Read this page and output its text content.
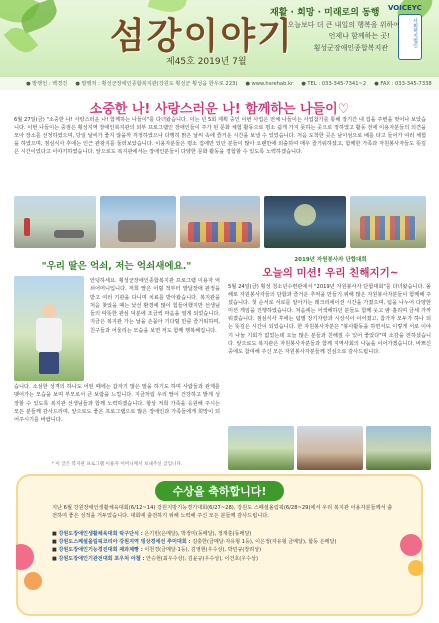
섬강이야기
제45호 2019년 7월
재활 · 희망 · 미래로의 동행 VOICEYC
사회복지법인
오늘보다 더 큰 내일의 행복을 위하여
언제나 함께하는 곳!
횡성군장애인종합복지관
● 발행인 : 백경진 ● 발행처 : 횡성군장애인종합복지관(강원도 횡성군 횡성읍 한우로 223) ● www.hsrehab.kr ● TEL : 033-345-7341~2 ● FAX : 033-345-7338
소중한 나! 사랑스러운 나! 함께하는 나들이♡
6월 27일(금) "소중한 나! 사랑스러운 나! 함께하는 나들이"를 다녀왔습니다. 이는 년 5회 계획 중인 이번 사업은 전체 나들이는 사업참가를 통해 장기간 내 집을 주변을 벗어나 보았습니다. 이번 나들이는 중점은 횡성지역 장애인복지관의 외부 프로그램인 장애인들이 주가 된 문화 체험 활동으로 평소 쉽게 가지 못하는 곳으로 정하였고 활동 전에 이용자분들의 의견을 모아 장소를 선정하였으며, 당일 날씨가 좋지 않을까 걱정하였으나 다행히 맑은 날씨 속에 즐거운 시간을 보낼 수 있었습니다. 처음 도착한 곳은 남이섬으로 배를 타고 들어가 여러 체험을 하였으며, 점심식사 후에는 인근 관광지를 둘러보았습니다. 이용자분들은 평소 집에만 있던 분들이 많아 오랜만에 외출하여 매우 즐거워하셨고, 함께한 가족과 자원봉사자들도 뜻깊은 시간이었다고 이야기하였습니다. 앞으로도 복지관에서는 장애인분들이 다양한 문화 활동을 경험할 수 있도록 노력하겠습니다.
"우리 딸은 억쇠, 저는 억쇠새에요."
안녕하세요. 횡성군장애인종합복지관 프로그램 이용자 억쇠어머니입니다. 저희 딸은 어릴 적부터 발달장애 판정을 받고 여러 기관을 다니며 치료를 받아왔습니다. 복지관을 처음 찾았을 때는 낯선 환경에 많이 힘들어했지만 선생님들의 따뜻한 관심 덕분에 조금씩 마음을 열게 되었습니다. 지금은 복지관 가는 날을 손꼽아 기다릴 만큼 즐거워하며, 친구들과 어울리는 모습을 보면 저도 함께 행복해집니다.
습니다. 소심한 성격의 하나도 어떤 때에는 갑자기 많은 말을 하기도 하며 사람들과 관계를 맺어가는 모습을 보며 부모로서 큰 보람을 느낍니다. 지금처럼 우리 딸이 건강하고 밝게 성장할 수 있도록 복지관 선생님들과 함께 노력하겠습니다. 항상 저희 가족을 응원해 주시는 모든 분들께 감사드리며, 앞으로도 좋은 프로그램으로 많은 장애인과 가족들에게 희망이 되어주시기를 바랍니다.
* 이 글은 복지관 프로그램 이용자 어머니께서 보내주신 글입니다.
2019년 자원봉사자 단합대회
오늘의 미션! 우리 친해지기~
5월 24일(금) 횡성 청소년수련관에서 "2019년 자원봉사자 단합대회"를 다녀왔습니다. 올해로 자원봉사자들의 단합과 즐거운 추억을 만들기 위해 많은 자원봉사자분들이 함께해 주셨습니다. 첫 순서로 서로를 알아가는 레크리에이션 시간을 가졌으며, 팀을 나누어 다양한 미션 게임을 진행하였습니다. 처음에는 어색해하던 분들도 함께 웃고 땀 흘리며 금세 가까워졌습니다. 점심식사 후에는 팀별 장기자랑과 시상식이 이어졌고, 참가자 모두가 하나 되는 뜻깊은 시간이 되었습니다. 한 자원봉사자분은 "봉사활동을 하면서도 이렇게 서로 이야기 나눌 기회가 없었는데 오늘 많은 분들과 친해질 수 있어 좋았다"며 소감을 전하셨습니다. 앞으로도 복지관은 자원봉사자분들과 함께 지역사회의 나눔을 이어가겠습니다. 바쁘신 중에도 참여해 주신 모든 자원봉사자분들께 진심으로 감사드립니다.
수상을 축하합니다!
지난 6월 강원장애인생활체육대회(6/12~14) 강원지방기능경기대회(6/27~28), 강원도 스페셜올림픽(6/28~29)에서 우리 복지관 이용자분들께서 출전하여 좋은 성적을 거두었습니다. 대회에 출전하기 위해 노력해 주신 모든 분들께 감사드립니다.
■ 강원도장애인생활체육대회 탁구단식 : 은기빈(은메달), 박정미(동메달), 정재훈(동메달)
■ 강원도스페셜올림픽코리아 강원지역 빙상경에선 추미대회 : 김충한(금메달·자유형 1등), 이은정(자유형 금메달), 합동 은메달)
■ 강원도장애인기능경진대회 제과제빵 : 이천경(금메달·1등), 김영현(우수상), 박민규(장려상)
■ 강원도장애인기관전대회 포우처 아쳄 : 안승현(최우수상), 김윤규(우수상), 이건호(우수상)
